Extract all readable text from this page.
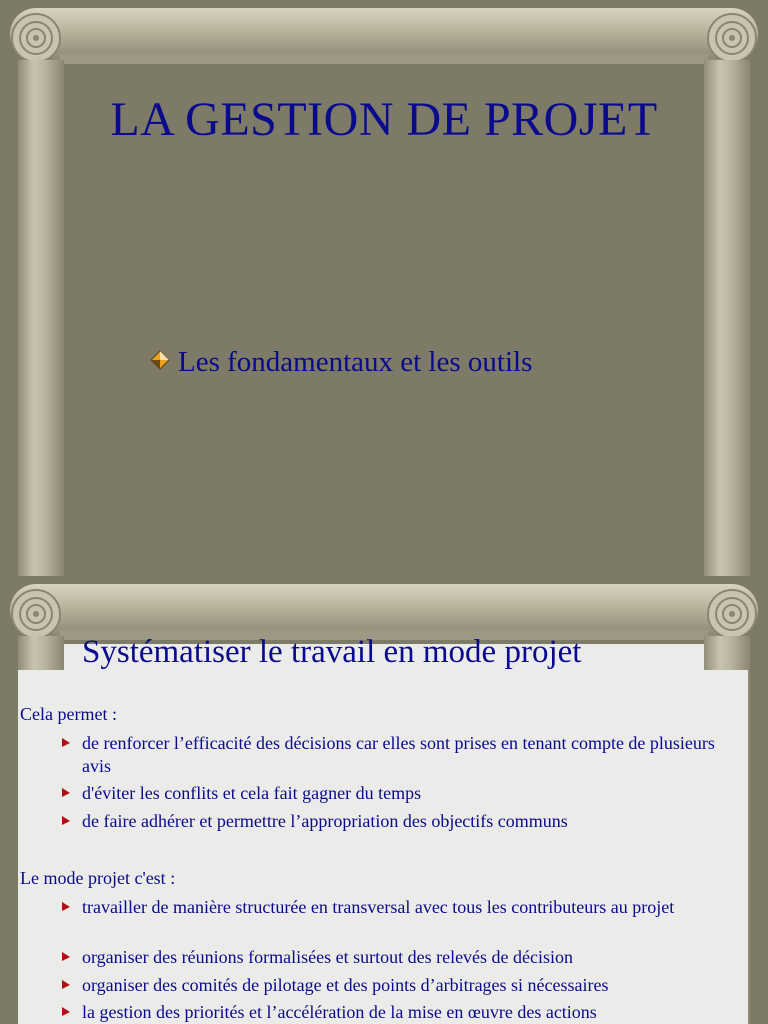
LA GESTION DE PROJET
Les fondamentaux et les outils
Systématiser le travail en mode projet
Cela permet :
de renforcer l’efficacité des décisions car elles sont prises en tenant compte de plusieurs avis
d'éviter les conflits et cela fait gagner du temps
de faire adhérer et permettre l’appropriation des objectifs communs
Le mode projet c'est :
travailler de manière structurée en transversal avec tous les contributeurs au projet
organiser des réunions formalisées et surtout des relevés de décision
organiser des comités de pilotage et des points d’arbitrages si nécessaires
la gestion des priorités et l’accélération de la mise en œuvre des actions
